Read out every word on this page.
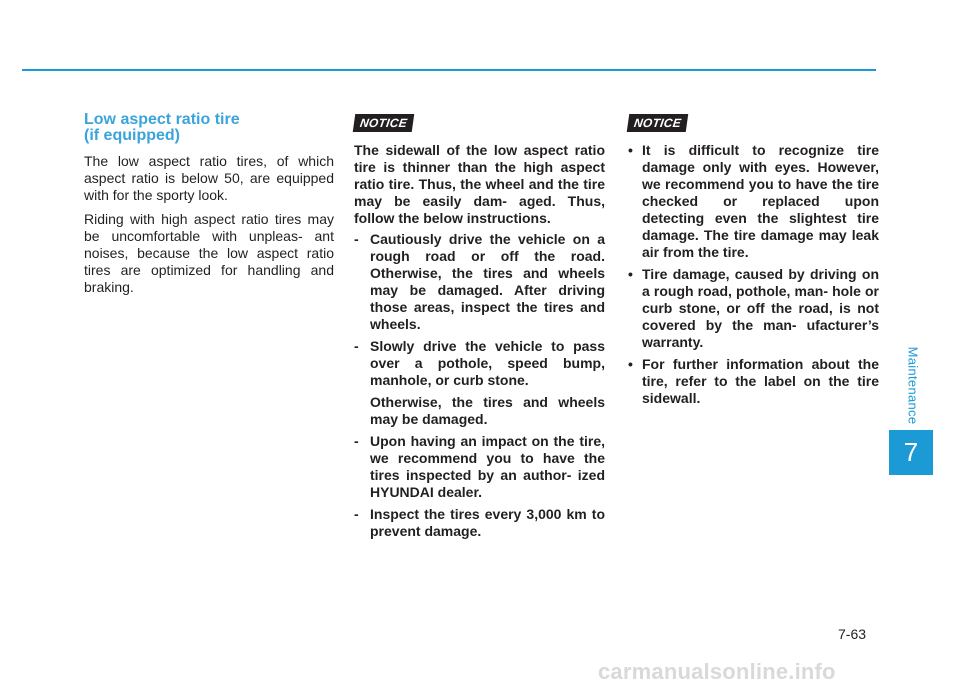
Maintenance
7
Low aspect ratio tire
(if equipped)

The low aspect ratio tires, of which aspect ratio is below 50, are equipped with for the sporty look.

Riding with high aspect ratio tires may be uncomfortable with unpleas- ant noises, because the low aspect ratio tires are optimized for handling and braking.

NOTICE

The sidewall of the low aspect ratio tire is thinner than the high aspect ratio tire. Thus, the wheel and the tire may be easily dam- aged. Thus, follow the below instructions.

- Cautiously drive the vehicle on a rough road or off the road. Otherwise, the tires and wheels may be damaged. After driving those areas, inspect the tires and wheels.
- Slowly drive the vehicle to pass over a pothole, speed bump, manhole, or curb stone.
Otherwise, the tires and wheels may be damaged.
- Upon having an impact on the tire, we recommend you to have the tires inspected by an author- ized HYUNDAI dealer.
- Inspect the tires every 3,000 km to prevent damage.
NOTICE
• It is difficult to recognize tire damage only with eyes. However, we recommend you to have the tire checked or replaced upon detecting even the slightest tire damage. The tire damage may leak air from the tire.
• Tire damage, caused by driving on a rough road, pothole, man- hole or curb stone, or off the road, is not covered by the man- ufacturer’s warranty.
• For further information about the tire, refer to the label on the tire sidewall.
7-63
carmanualsonline.info
